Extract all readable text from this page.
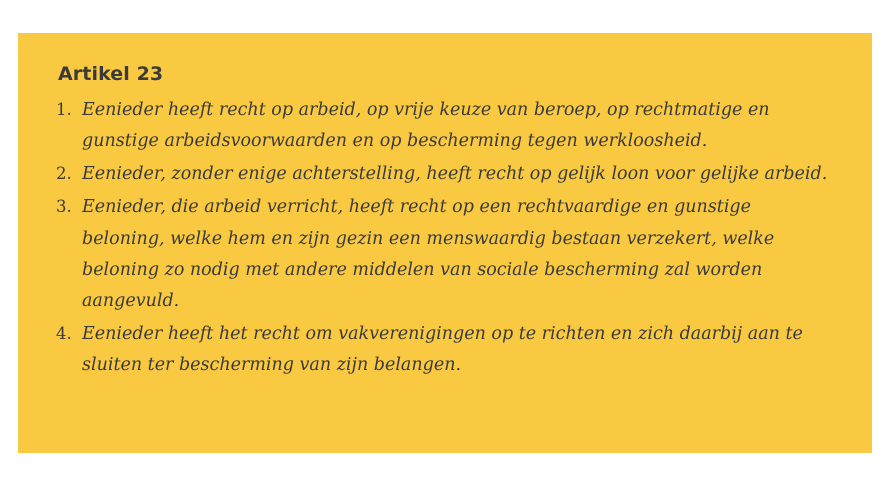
Artikel 23
Eenieder heeft recht op arbeid, op vrije keuze van beroep, op rechtmatige en gunstige arbeidsvoorwaarden en op bescherming tegen werkloosheid.
Eenieder, zonder enige achterstelling, heeft recht op gelijk loon voor gelijke arbeid.
Eenieder, die arbeid verricht, heeft recht op een rechtvaardige en gunstige beloning, welke hem en zijn gezin een menswaardig bestaan verzekert, welke beloning zo nodig met andere middelen van sociale bescherming zal worden aangevuld.
Eenieder heeft het recht om vakverenigingen op te richten en zich daarbij aan te sluiten ter bescherming van zijn belangen.
